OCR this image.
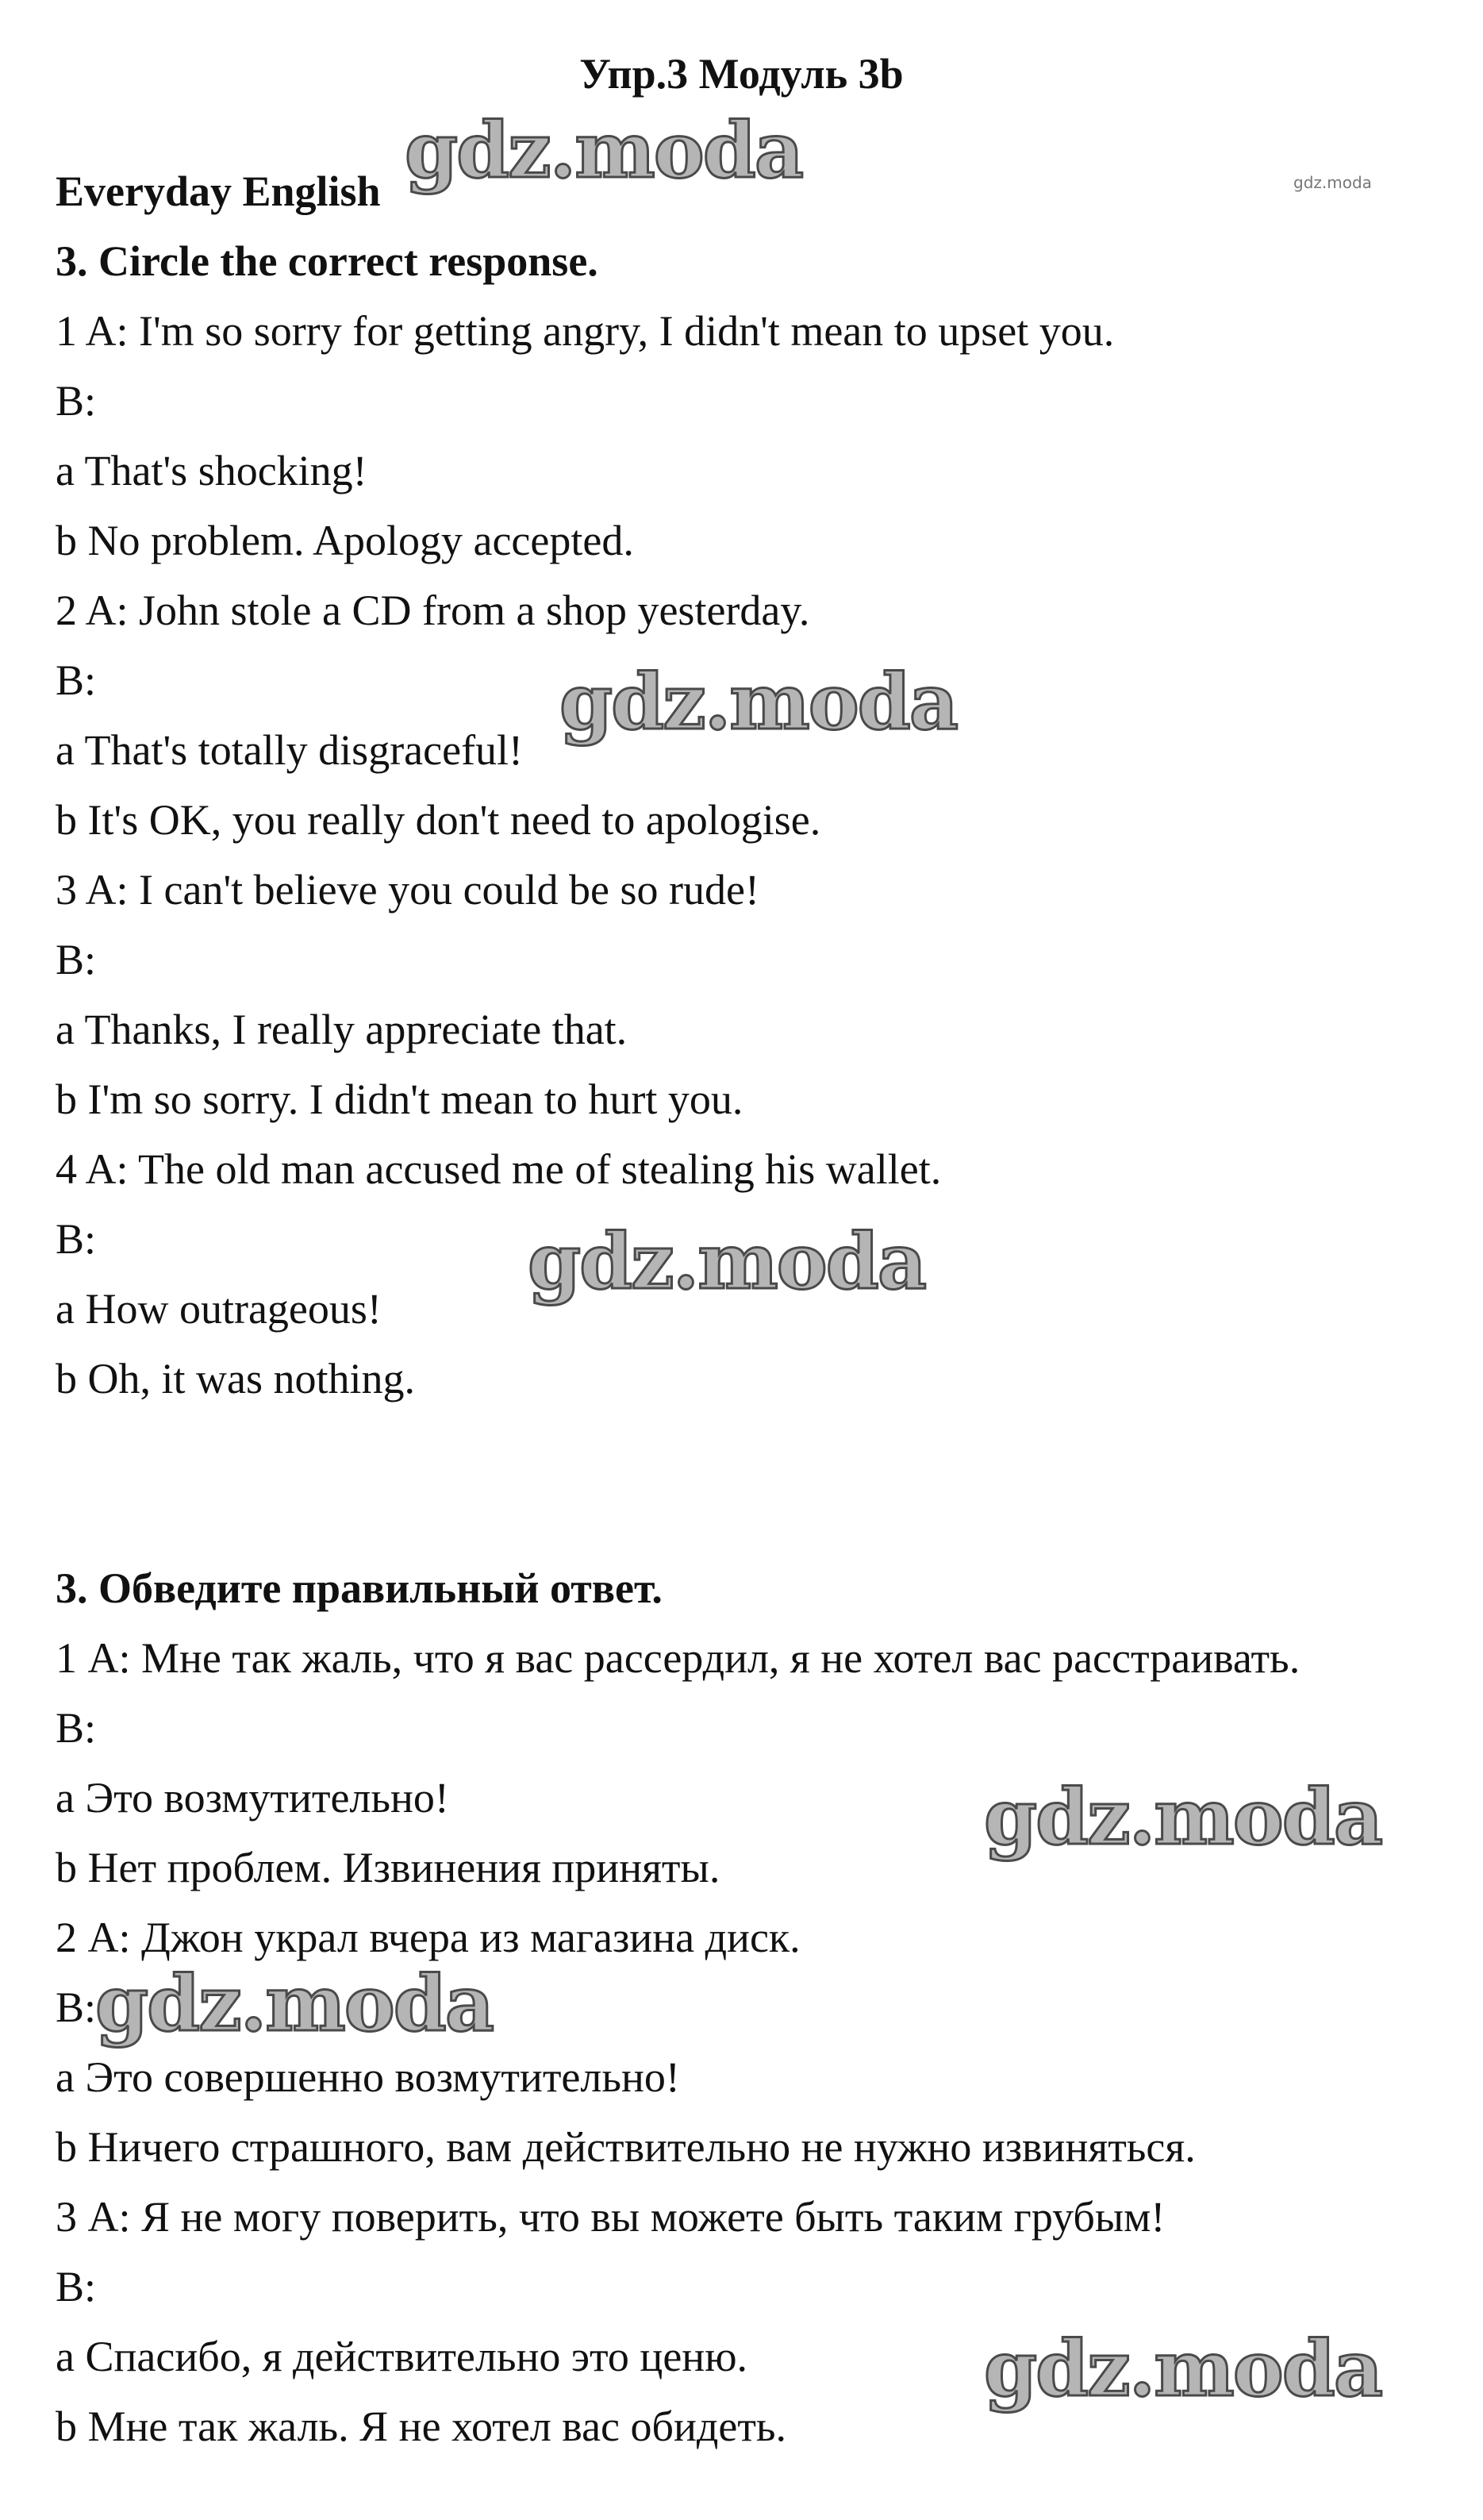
Упр.3 Модуль 3b
Everyday English
3. Circle the correct response.
1 A: I'm so sorry for getting angry, I didn't mean to upset you.
B:
a That's shocking!
b No problem. Apology accepted.
2 A: John stole a CD from a shop yesterday.
B:
a That's totally disgraceful!
b It's OK, you really don't need to apologise.
3 A: I can't believe you could be so rude!
B:
a Thanks, I really appreciate that.
b I'm so sorry. I didn't mean to hurt you.
4 A: The old man accused me of stealing his wallet.
B:
a How outrageous!
b Oh, it was nothing.
3. Обведите правильный ответ.
1 А: Мне так жаль, что я вас рассердил, я не хотел вас расстраивать.
В:
a Это возмутительно!
b Нет проблем. Извинения приняты.
2 А: Джон украл вчера из магазина диск.
В:
a Это совершенно возмутительно!
b Ничего страшного, вам действительно не нужно извиняться.
3 А: Я не могу поверить, что вы можете быть таким грубым!
В:
a Спасибо, я действительно это ценю.
b Мне так жаль. Я не хотел вас обидеть.
gdz.moda	gdz.moda
gdz.moda
gdz.moda
gdz.moda
gdz.moda
gdz.moda
